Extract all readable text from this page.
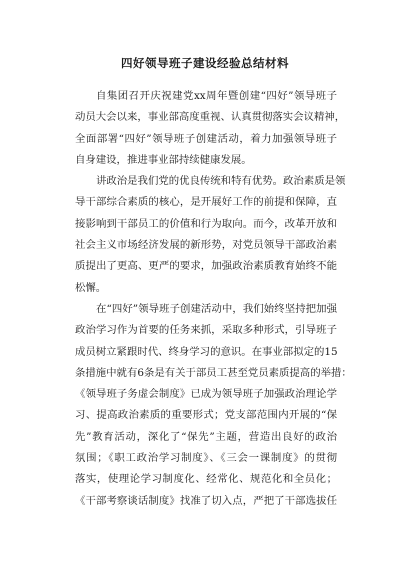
四好领导班子建设经验总结材料
自集团召开庆祝建党xx周年暨创建“四好”领导班子
动员大会以来，事业部高度重视、认真贯彻落实会议精神，
全面部署“四好”领导班子创建活动，着力加强领导班子
自身建设，推进事业部持续健康发展。
讲政治是我们党的优良传统和特有优势。政治素质是领
导干部综合素质的核心，是开展好工作的前提和保障，直
接影响到干部员工的价值和行为取向。而今，改革开放和
社会主义市场经济发展的新形势，对党员领导干部政治素
质提出了更高、更严的要求，加强政治素质教育始终不能
松懈。
在“四好”领导班子创建活动中，我们始终坚持把加强
政治学习作为首要的任务来抓，采取多种形式，引导班子
成员树立紧跟时代、终身学习的意识。在事业部拟定的15
条措施中就有6条是有关于部员工甚至党员素质提高的举措：
《领导班子务虚会制度》已成为领导班子加强政治理论学
习、提高政治素质的重要形式；党支部范围内开展的“保
先”教育活动，深化了“保先”主题，营造出良好的政治
氛围；《职工政治学习制度》、《三会一课制度》的贯彻
落实，使理论学习制度化、经常化、规范化和全员化；
《干部考察谈话制度》找准了切入点，严把了干部选拔任
